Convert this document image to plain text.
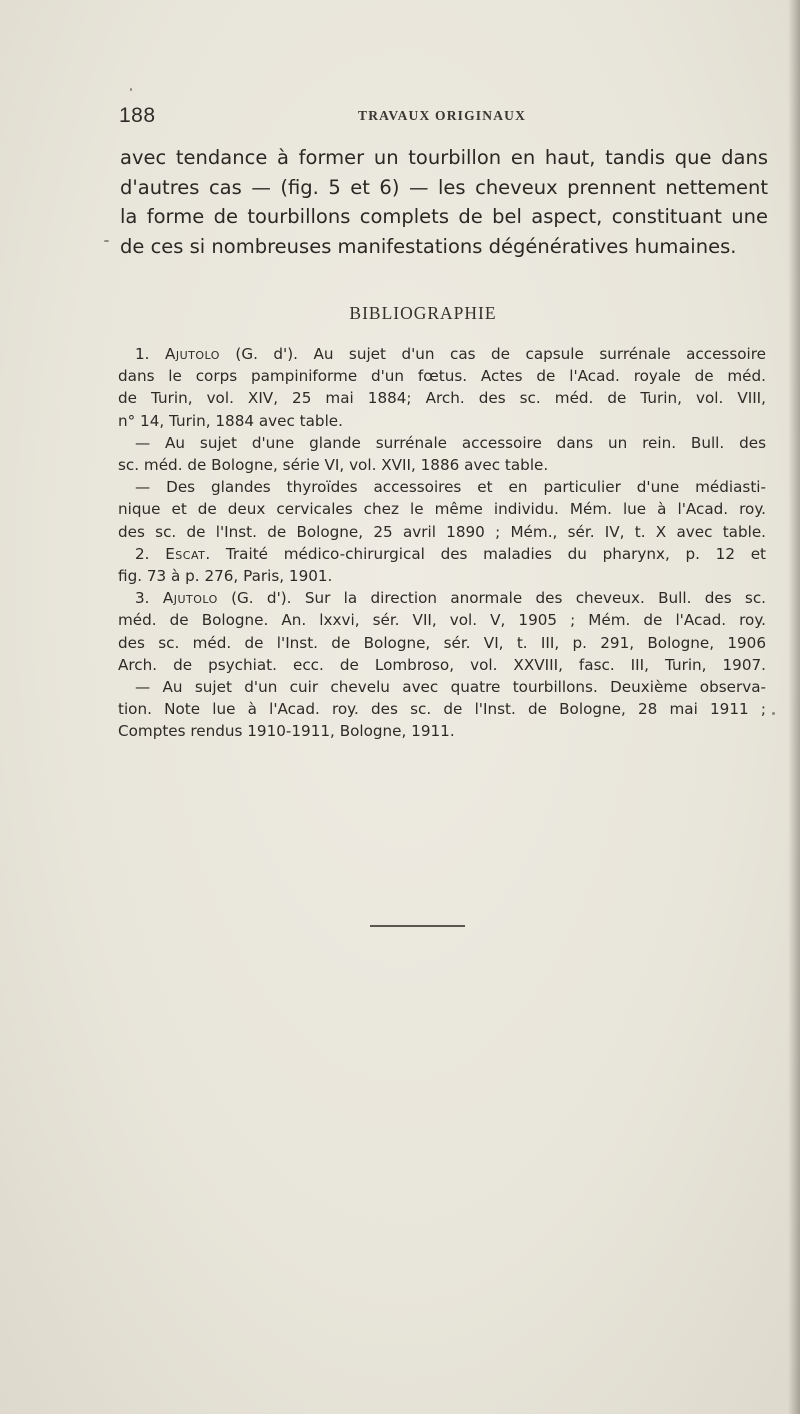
188	TRAVAUX ORIGINAUX
avec tendance à former un tourbillon en haut, tandis que dans
d'autres cas — (fig. 5 et 6) — les cheveux prennent nettement
la forme de tourbillons complets de bel aspect, constituant une
de ces si nombreuses manifestations dégénératives humaines.
BIBLIOGRAPHIE
1. Ajutolo (G. d'). Au sujet d'un cas de capsule surrénale accessoire
dans le corps pampiniforme d'un fœtus. Actes de l'Acad. royale de méd.
de Turin, vol. XIV, 25 mai 1884; Arch. des sc. méd. de Turin, vol. VIII,
n° 14, Turin, 1884 avec table.
— Au sujet d'une glande surrénale accessoire dans un rein. Bull. des
sc. méd. de Bologne, série VI, vol. XVII, 1886 avec table.
— Des glandes thyroïdes accessoires et en particulier d'une médiasti-
nique et de deux cervicales chez le même individu. Mém. lue à l'Acad. roy.
des sc. de l'Inst. de Bologne, 25 avril 1890 ; Mém., sér. IV, t. X avec table.
2. Escat. Traité médico-chirurgical des maladies du pharynx, p. 12 et
fig. 73 à p. 276, Paris, 1901.
3. Ajutolo (G. d'). Sur la direction anormale des cheveux. Bull. des sc.
méd. de Bologne. An. lxxvi, sér. VII, vol. V, 1905 ; Mém. de l'Acad. roy.
des sc. méd. de l'Inst. de Bologne, sér. VI, t. III, p. 291, Bologne, 1906
Arch. de psychiat. ecc. de Lombroso, vol. XXVIII, fasc. III, Turin, 1907.
— Au sujet d'un cuir chevelu avec quatre tourbillons. Deuxième observa-
tion. Note lue à l'Acad. roy. des sc. de l'Inst. de Bologne, 28 mai 1911 ;
Comptes rendus 1910-1911, Bologne, 1911.
